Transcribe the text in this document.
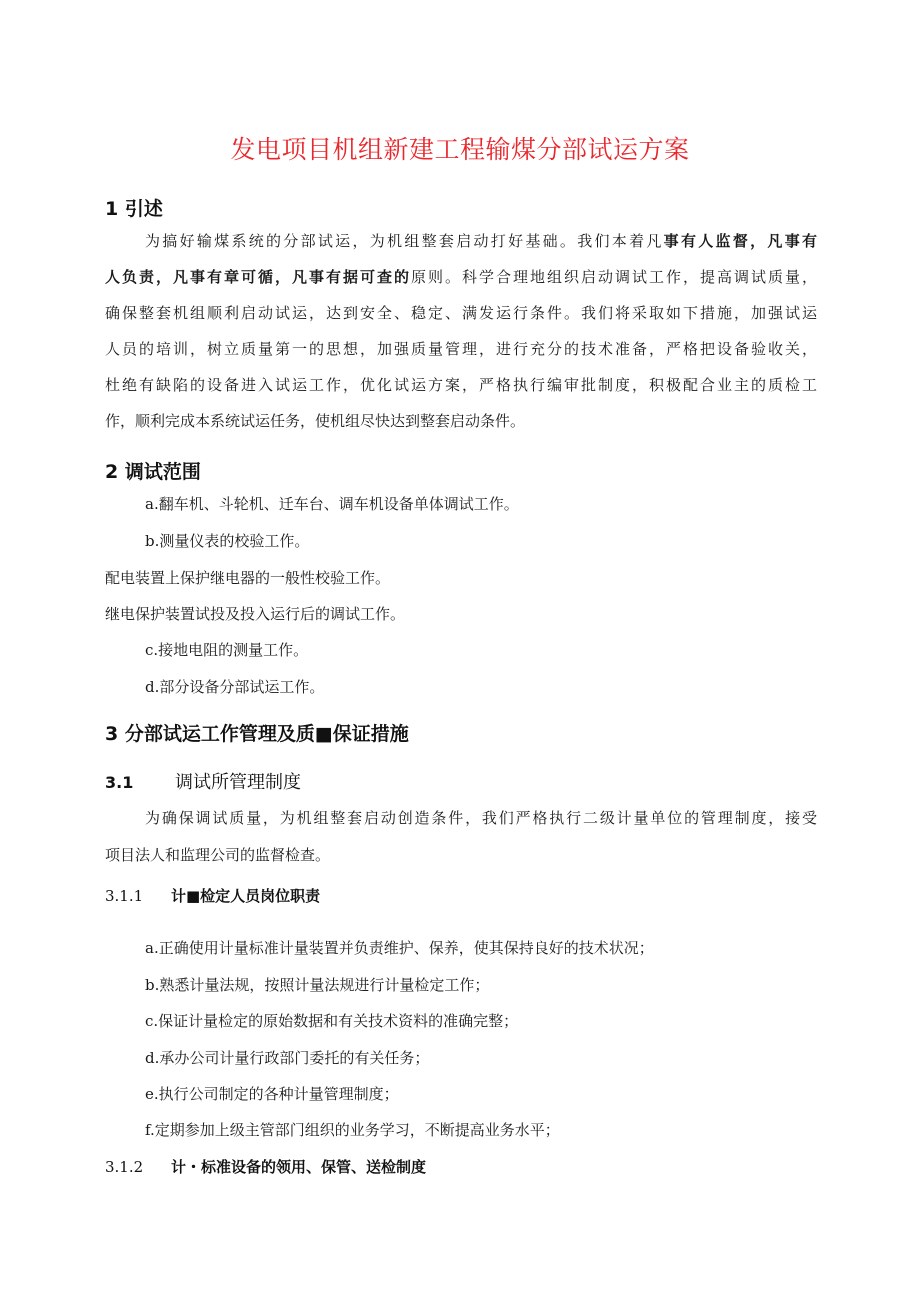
发电项目机组新建工程输煤分部试运方案
1 引述
为搞好输煤系统的分部试运，为机组整套启动打好基础。我们本着凡事有人监督，凡事有
人负责，凡事有章可循，凡事有据可查的原则。科学合理地组织启动调试工作，提高调试质量，
确保整套机组顺利启动试运，达到安全、稳定、满发运行条件。我们将采取如下措施，加强试运
人员的培训，树立质量第一的思想，加强质量管理，进行充分的技术准备，严格把设备验收关，
杜绝有缺陷的设备进入试运工作，优化试运方案，严格执行编审批制度，积极配合业主的质检工
作，顺利完成本系统试运任务，使机组尽快达到整套启动条件。
2 调试范围
a.翻车机、斗轮机、迁车台、调车机设备单体调试工作。
b.测量仪表的校验工作。
配电装置上保护继电器的一般性校验工作。
继电保护装置试投及投入运行后的调试工作。
c.接地电阻的测量工作。
d.部分设备分部试运工作。
3 分部试运工作管理及质■保证措施
3.1 调试所管理制度
为确保调试质量，为机组整套启动创造条件，我们严格执行二级计量单位的管理制度，接受
项目法人和监理公司的监督检查。
3.1.1 计■检定人员岗位职责
a.正确使用计量标准计量装置并负责维护、保养，使其保持良好的技术状况；
b.熟悉计量法规，按照计量法规进行计量检定工作；
c.保证计量检定的原始数据和有关技术资料的准确完整；
d.承办公司计量行政部门委托的有关任务；
e.执行公司制定的各种计量管理制度；
f.定期参加上级主管部门组织的业务学习，不断提高业务水平；
3.1.2 计・标准设备的领用、保管、送检制度
